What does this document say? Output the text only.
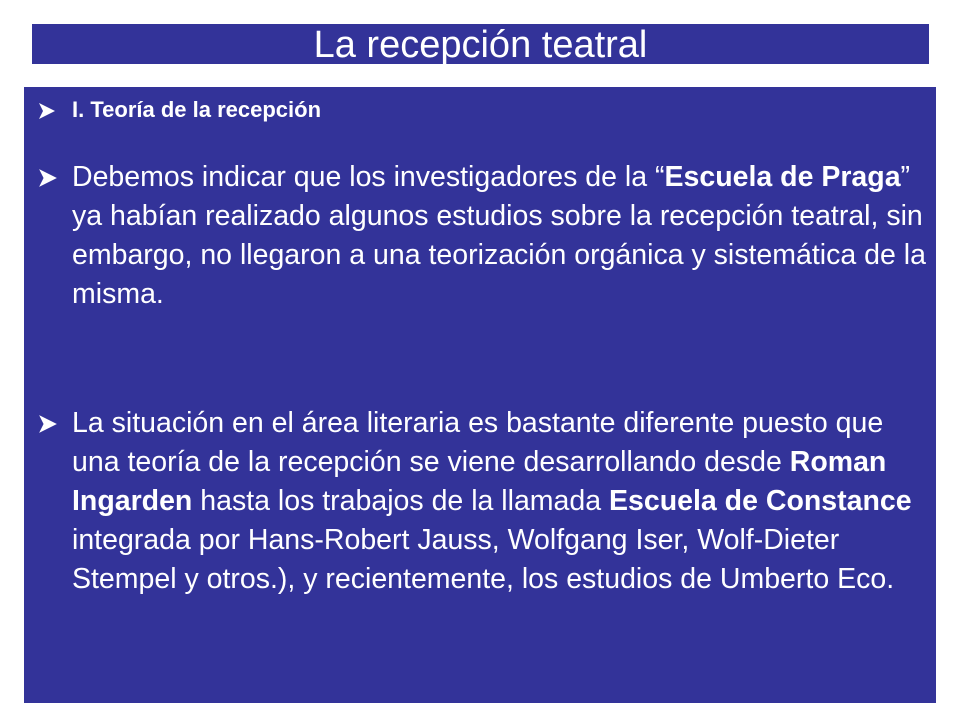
La recepción teatral
I. Teoría de la recepción
Debemos indicar que los investigadores de la “Escuela de Praga” ya habían realizado algunos estudios sobre la recepción teatral, sin embargo, no llegaron a una teorización orgánica y sistemática de la misma.
La situación en el área literaria es bastante diferente puesto que una teoría de la recepción se viene desarrollando desde Roman Ingarden hasta los trabajos de la llamada Escuela de Constance integrada por Hans-Robert Jauss, Wolfgang Iser, Wolf-Dieter Stempel y otros.), y recientemente, los estudios de Umberto Eco.
